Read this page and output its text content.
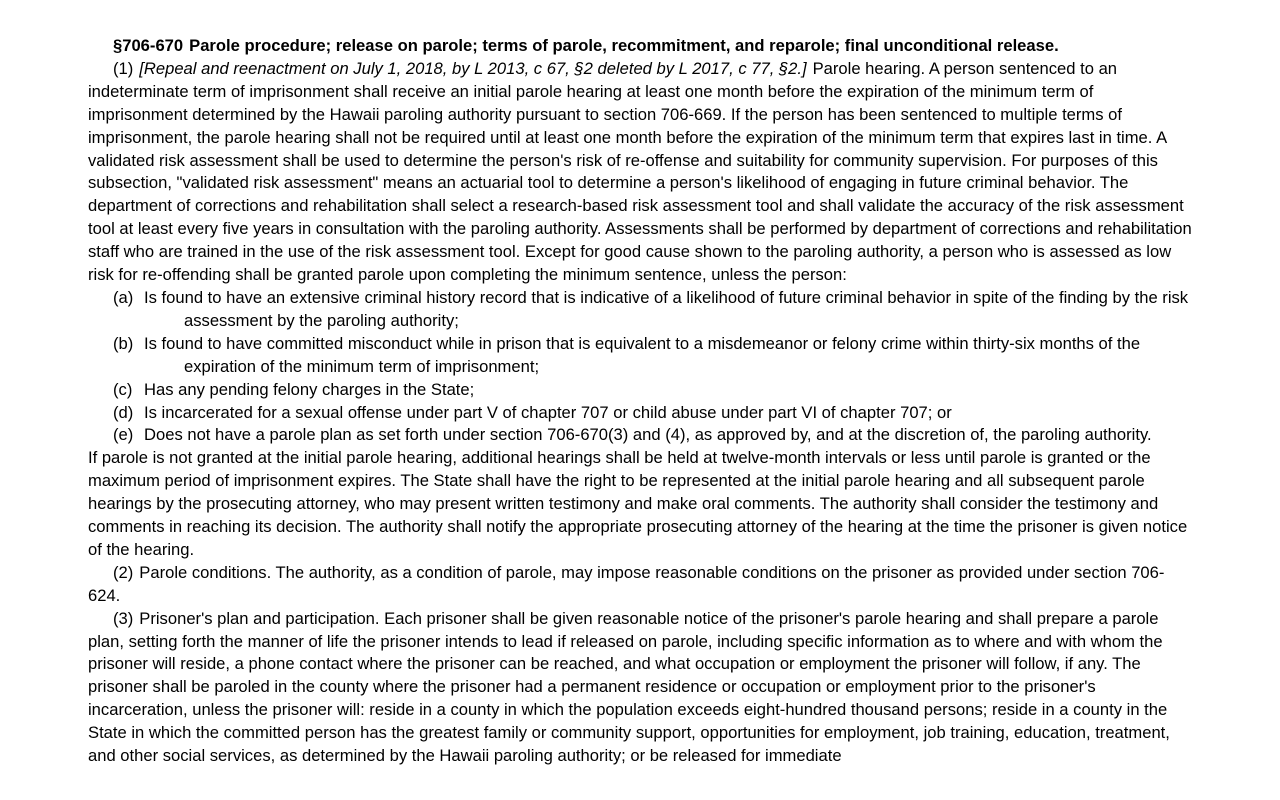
§706-670 Parole procedure; release on parole; terms of parole, recommitment, and reparole; final unconditional release.

(1) [Repeal and reenactment on July 1, 2018, by L 2013, c 67, §2 deleted by L 2017, c 77, §2.] Parole hearing. A person sentenced to an indeterminate term of imprisonment shall receive an initial parole hearing at least one month before the expiration of the minimum term of imprisonment determined by the Hawaii paroling authority pursuant to section 706-669. If the person has been sentenced to multiple terms of imprisonment, the parole hearing shall not be required until at least one month before the expiration of the minimum term that expires last in time. A validated risk assessment shall be used to determine the person's risk of re-offense and suitability for community supervision. For purposes of this subsection, "validated risk assessment" means an actuarial tool to determine a person's likelihood of engaging in future criminal behavior. The department of corrections and rehabilitation shall select a research-based risk assessment tool and shall validate the accuracy of the risk assessment tool at least every five years in consultation with the paroling authority. Assessments shall be performed by department of corrections and rehabilitation staff who are trained in the use of the risk assessment tool. Except for good cause shown to the paroling authority, a person who is assessed as low risk for re-offending shall be granted parole upon completing the minimum sentence, unless the person:

(a) Is found to have an extensive criminal history record that is indicative of a likelihood of future criminal behavior in spite of the finding by the risk assessment by the paroling authority;

(b) Is found to have committed misconduct while in prison that is equivalent to a misdemeanor or felony crime within thirty-six months of the expiration of the minimum term of imprisonment;

(c) Has any pending felony charges in the State;

(d) Is incarcerated for a sexual offense under part V of chapter 707 or child abuse under part VI of chapter 707; or

(e) Does not have a parole plan as set forth under section 706-670(3) and (4), as approved by, and at the discretion of, the paroling authority.

If parole is not granted at the initial parole hearing, additional hearings shall be held at twelve-month intervals or less until parole is granted or the maximum period of imprisonment expires. The State shall have the right to be represented at the initial parole hearing and all subsequent parole hearings by the prosecuting attorney, who may present written testimony and make oral comments. The authority shall consider the testimony and comments in reaching its decision. The authority shall notify the appropriate prosecuting attorney of the hearing at the time the prisoner is given notice of the hearing.

(2) Parole conditions. The authority, as a condition of parole, may impose reasonable conditions on the prisoner as provided under section 706-624.

(3) Prisoner's plan and participation. Each prisoner shall be given reasonable notice of the prisoner's parole hearing and shall prepare a parole plan, setting forth the manner of life the prisoner intends to lead if released on parole, including specific information as to where and with whom the prisoner will reside, a phone contact where the prisoner can be reached, and what occupation or employment the prisoner will follow, if any. The prisoner shall be paroled in the county where the prisoner had a permanent residence or occupation or employment prior to the prisoner's incarceration, unless the prisoner will: reside in a county in which the population exceeds eight-hundred thousand persons; reside in a county in the State in which the committed person has the greatest family or community support, opportunities for employment, job training, education, treatment, and other social services, as determined by the Hawaii paroling authority; or be released for immediate
